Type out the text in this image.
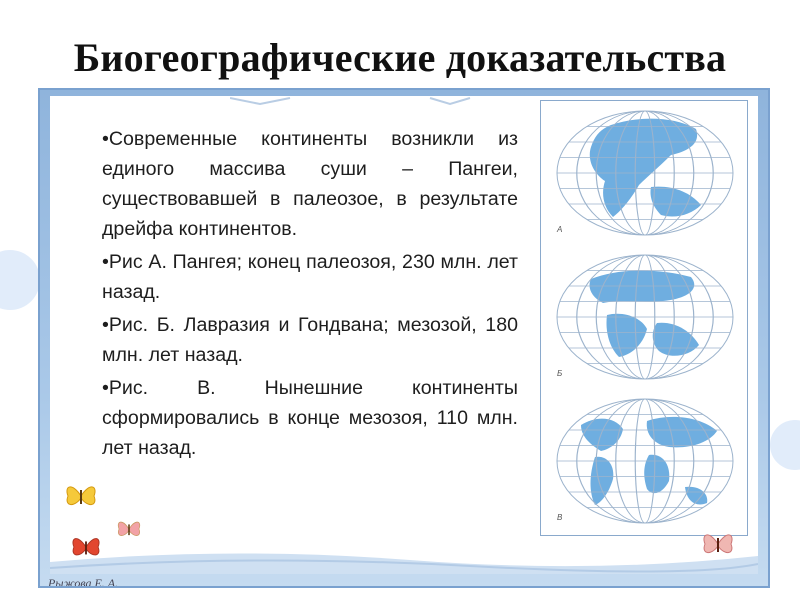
Биогеографические доказательства
•Современные континенты возникли из единого массива суши – Пангеи, существовавшей в палеозое, в результате дрейфа континентов.
•Рис А. Пангея; конец палеозоя, 230 млн. лет назад.
•Рис. Б. Лавразия и Гондвана; мезозой, 180 млн. лет назад.
•Рис. В. Нынешние континенты сформировались в конце мезозоя, 110 млн. лет назад.
А
Б
В
Рыжова Е. А.
